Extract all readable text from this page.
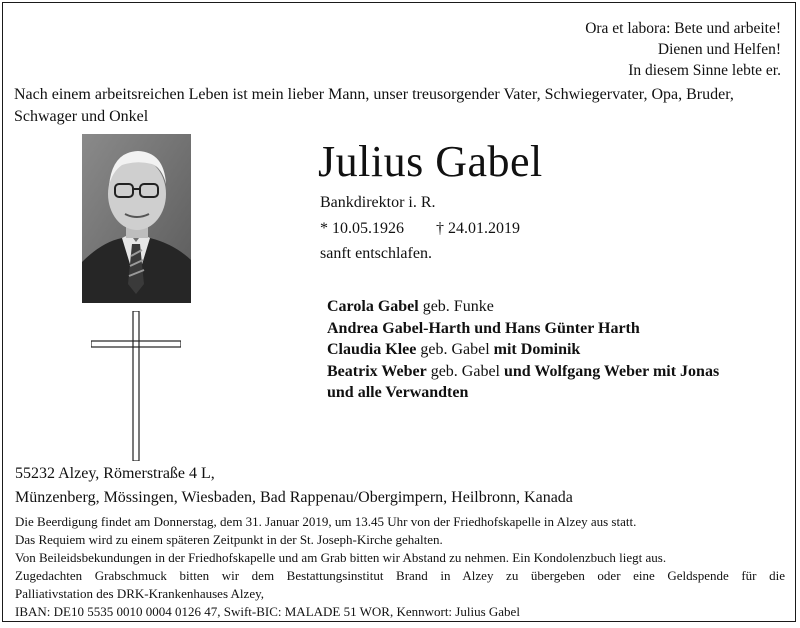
Ora et labora: Bete und arbeite!
Dienen und Helfen!
In diesem Sinne lebte er.
Nach einem arbeitsreichen Leben ist mein lieber Mann, unser treusorgender Vater, Schwiegervater, Opa, Bruder, Schwager und Onkel
Julius Gabel
Bankdirektor i. R.
* 10.05.1926 † 24.01.2019
sanft entschlafen.
Carola Gabel geb. Funke
Andrea Gabel-Harth und Hans Günter Harth
Claudia Klee geb. Gabel mit Dominik
Beatrix Weber geb. Gabel und Wolfgang Weber mit Jonas
und alle Verwandten
55232 Alzey, Römerstraße 4 L,
Münzenberg, Mössingen, Wiesbaden, Bad Rappenau/Obergimpern, Heilbronn, Kanada
Die Beerdigung findet am Donnerstag, dem 31. Januar 2019, um 13.45 Uhr von der Friedhofskapelle in Alzey aus statt.
Das Requiem wird zu einem späteren Zeitpunkt in der St. Joseph-Kirche gehalten.
Von Beileidsbekundungen in der Friedhofskapelle und am Grab bitten wir Abstand zu nehmen. Ein Kondolenzbuch liegt aus.
Zugedachten Grabschmuck bitten wir dem Bestattungsinstitut Brand in Alzey zu übergeben oder eine Geldspende für die
Palliativstation des DRK-Krankenhauses Alzey,
IBAN: DE10 5535 0010 0004 0126 47, Swift-BIC: MALADE 51 WOR, Kennwort: Julius Gabel
